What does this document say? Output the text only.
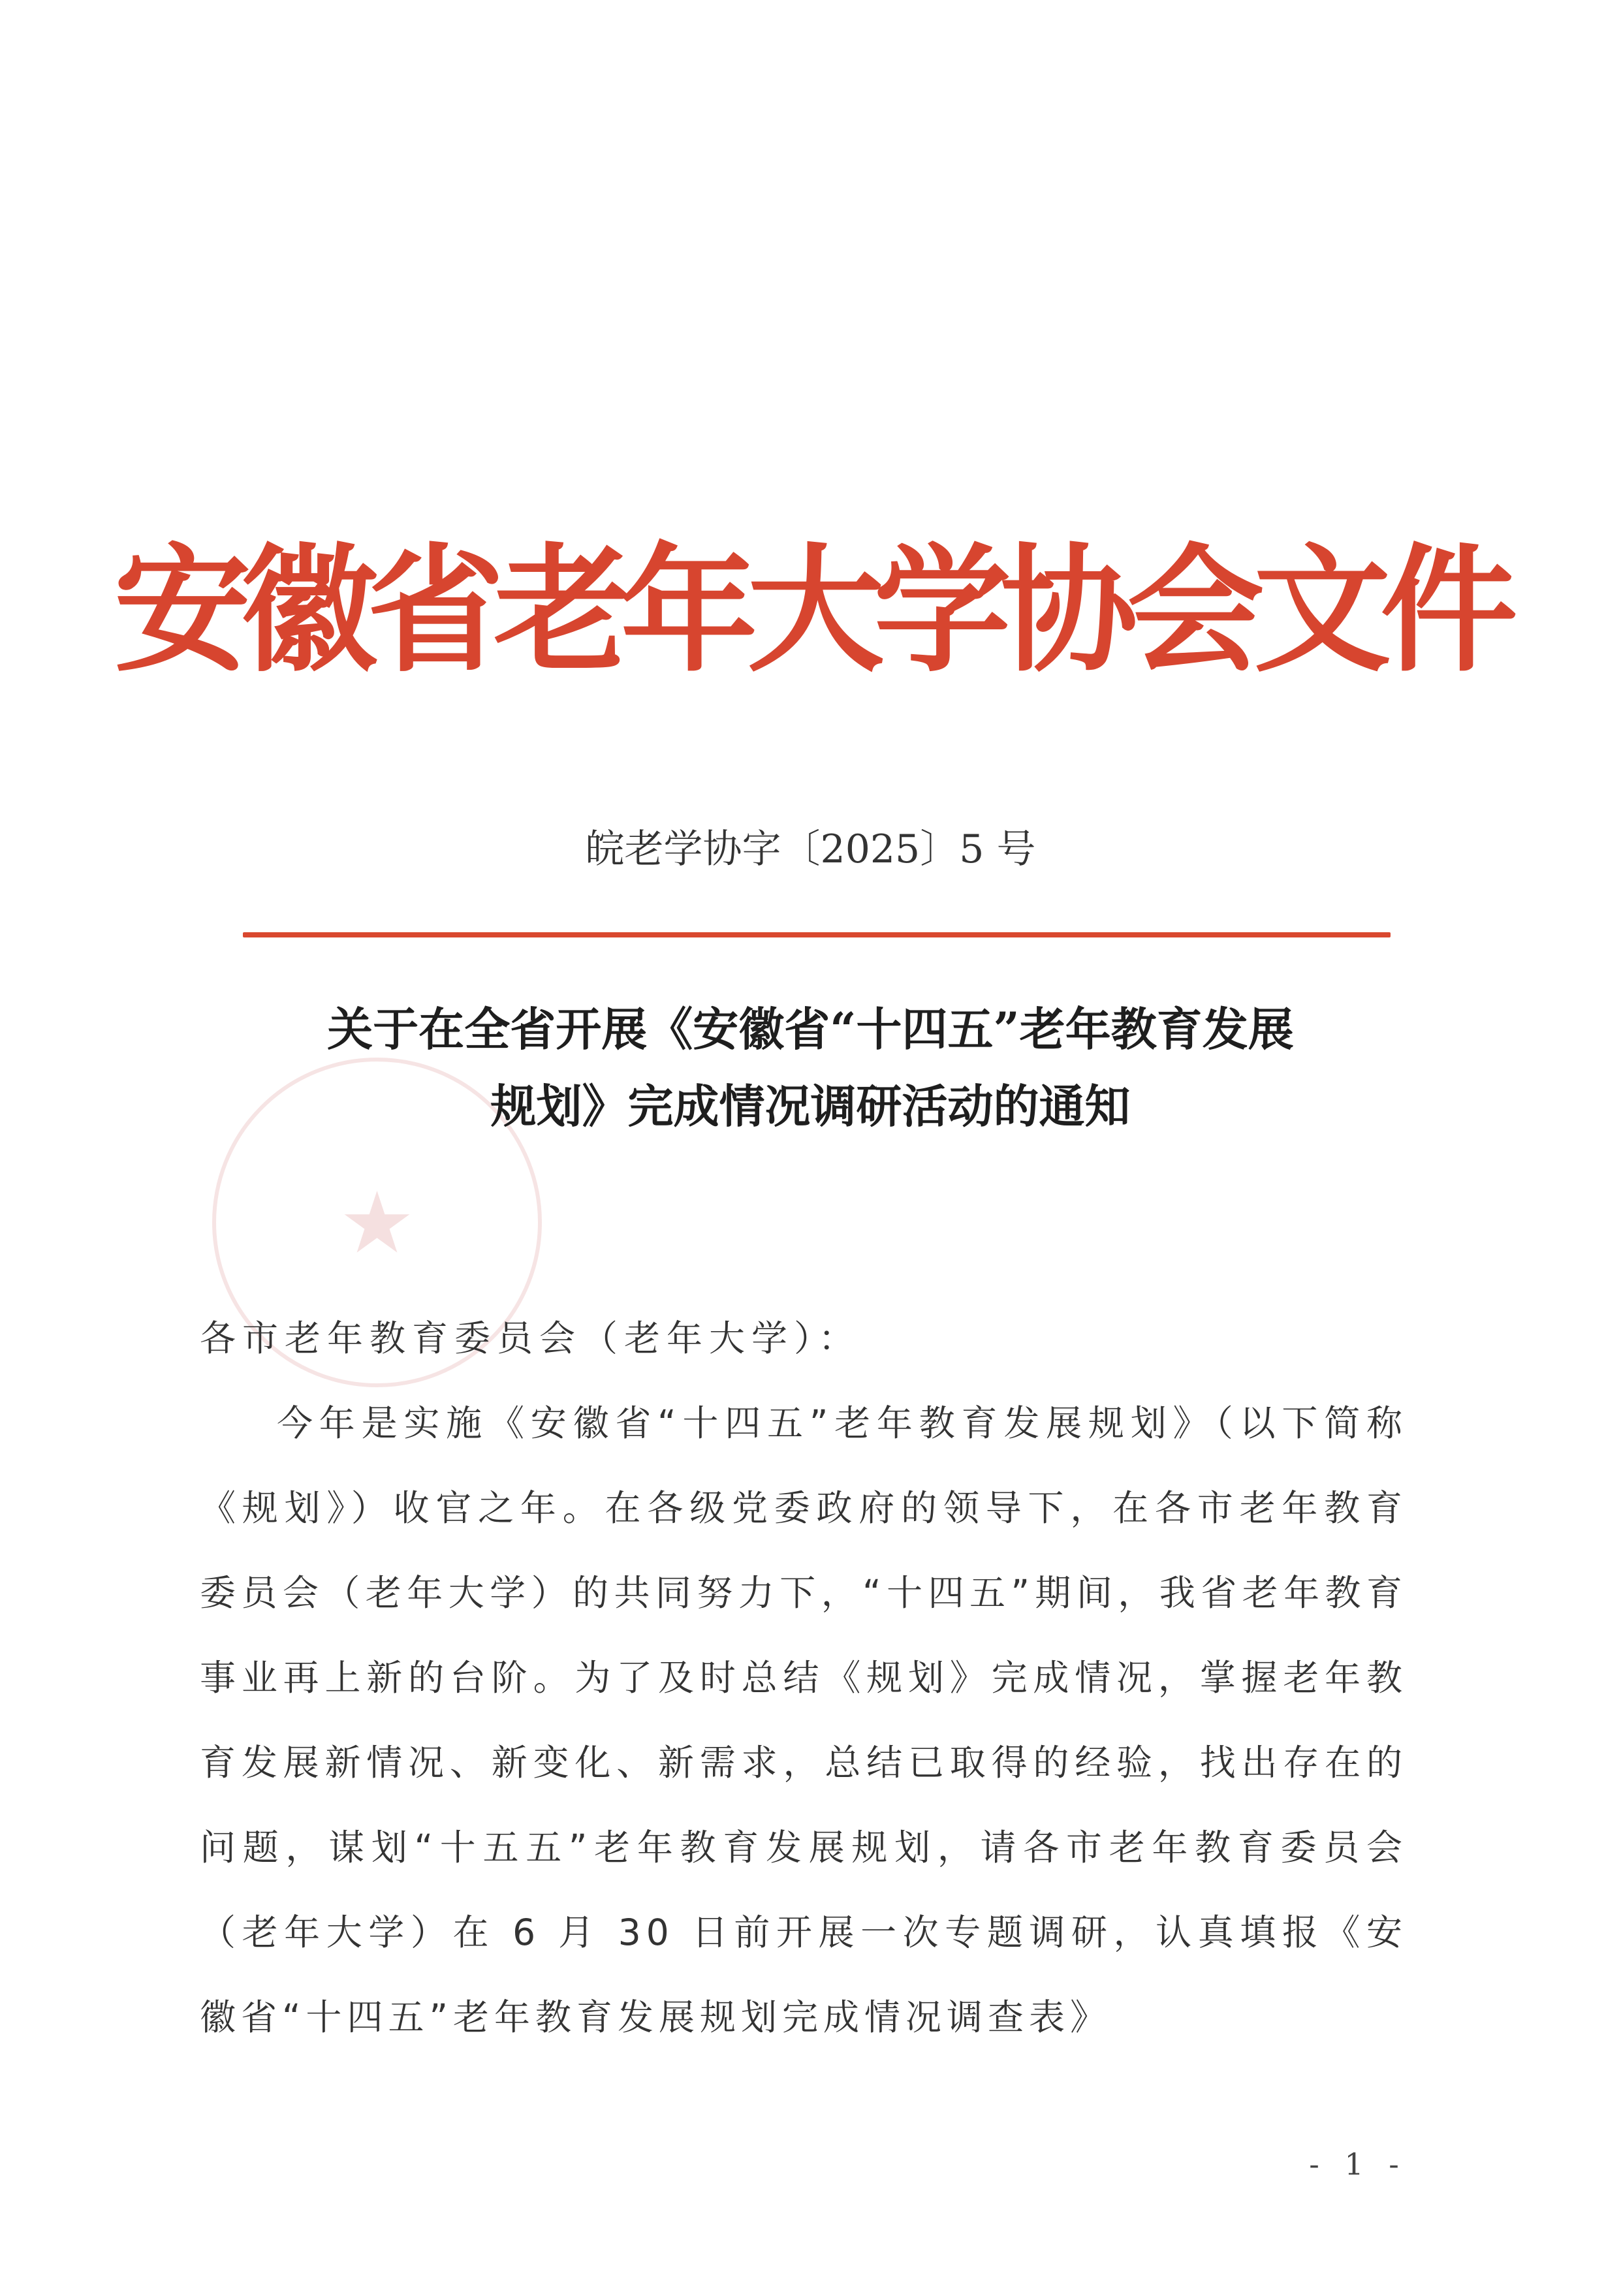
安徽省老年大学协会文件
皖老学协字〔2025〕5 号
★
关于在全省开展《安徽省“十四五”老年教育发展
规划》完成情况调研活动的通知

各市老年教育委员会（老年大学）：

今年是实施《安徽省“十四五”老年教育发展规划》（以下简称《规划》）收官之年。在各级党委政府的领导下，在各市老年教育委员会（老年大学）的共同努力下，“十四五”期间，我省老年教育事业再上新的台阶。为了及时总结《规划》完成情况，掌握老年教育发展新情况、新变化、新需求，总结已取得的经验，找出存在的问题，谋划“十五五”老年教育发展规划，请各市老年教育委员会（老年大学）在 6 月 30 日前开展一次专题调研，认真填报《安徽省“十四五”老年教育发展规划完成情况调查表》

- 1 -
